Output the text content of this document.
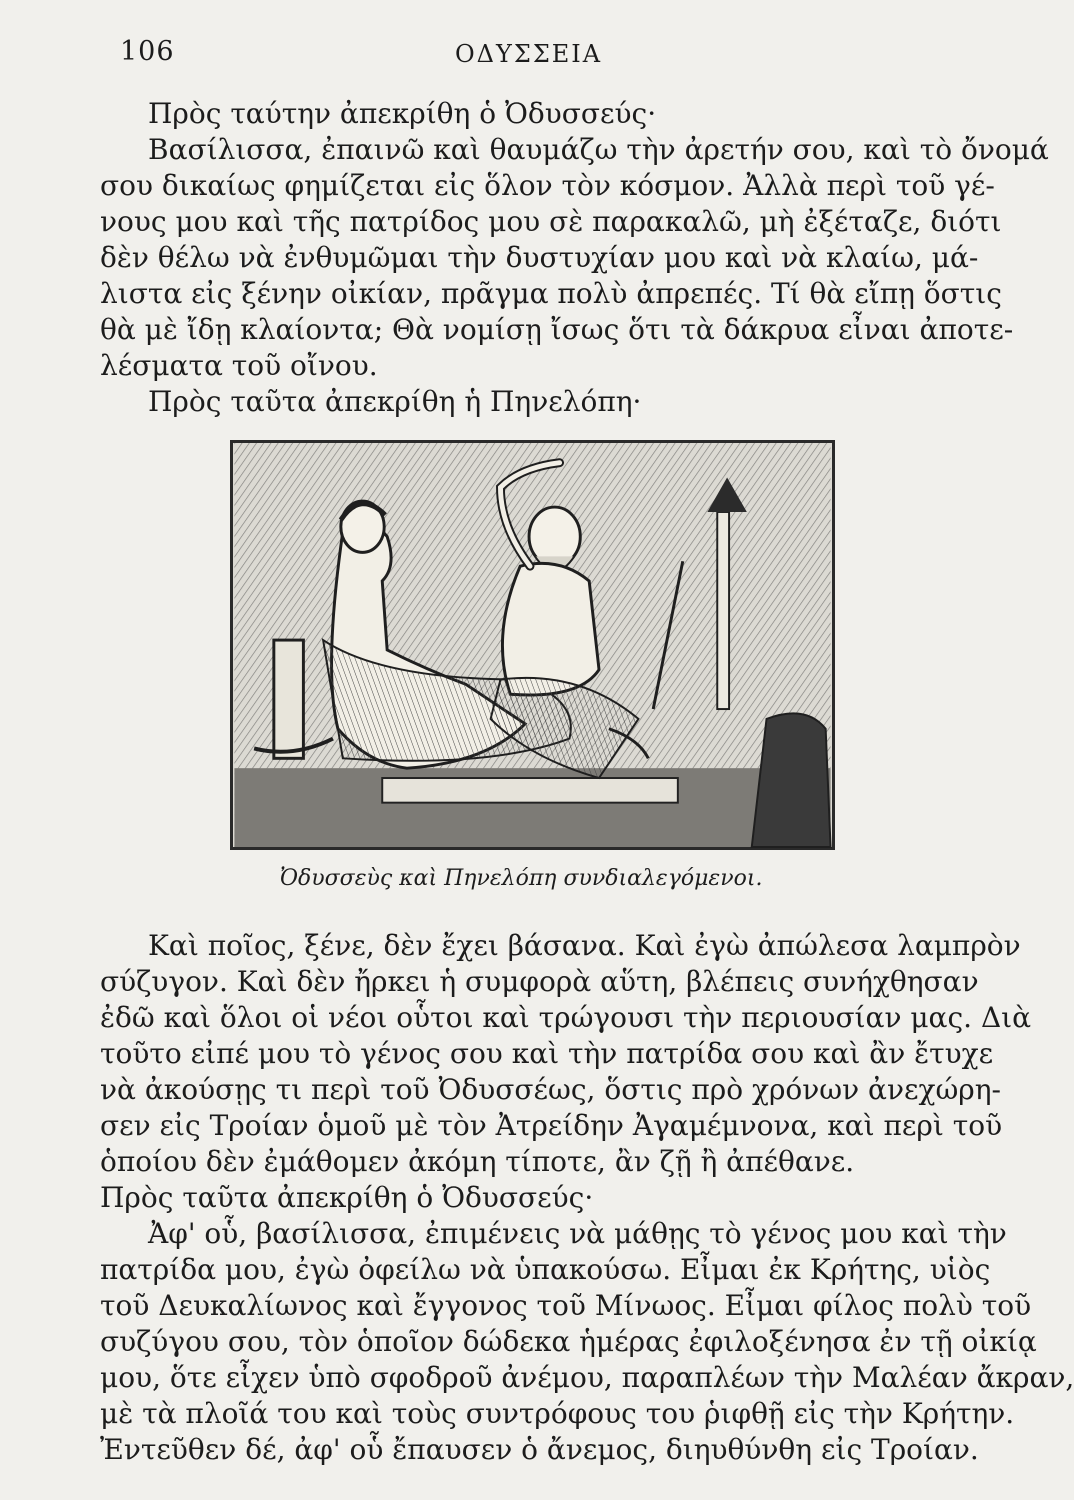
106	ΟΔΥΣΣΕΙΑ
Πρὸς ταύτην ἀπεκρίθη ὁ Ὀδυσσεύς·
Βασίλισσα, ἐπαινῶ καὶ θαυμάζω τὴν ἀρετήν σου, καὶ τὸ ὄνομά
σου δικαίως φημίζεται εἰς ὅλον τὸν κόσμον. Ἀλλὰ περὶ τοῦ γέ-
νους μου καὶ τῆς πατρίδος μου σὲ παρακαλῶ, μὴ ἐξέταζε, διότι
δὲν θέλω νὰ ἐνθυμῶμαι τὴν δυστυχίαν μου καὶ νὰ κλαίω, μά-
λιστα εἰς ξένην οἰκίαν, πρᾶγμα πολὺ ἀπρεπές. Τί θὰ εἴπῃ ὅστις
θὰ μὲ ἴδῃ κλαίοντα; Θὰ νομίσῃ ἴσως ὅτι τὰ δάκρυα εἶναι ἀποτε-
λέσματα τοῦ οἴνου.
Πρὸς ταῦτα ἀπεκρίθη ἡ Πηνελόπη·
Ὀδυσσεὺς καὶ Πηνελόπη συνδιαλεγόμενοι.
Καὶ ποῖος, ξένε, δὲν ἔχει βάσανα. Καὶ ἐγὼ ἀπώλεσα λαμπρὸν
σύζυγον. Καὶ δὲν ἤρκει ἡ συμφορὰ αὕτη, βλέπεις συνήχθησαν
ἐδῶ καὶ ὅλοι οἱ νέοι οὗτοι καὶ τρώγουσι τὴν περιουσίαν μας. Διὰ
τοῦτο εἰπέ μου τὸ γένος σου καὶ τὴν πατρίδα σου καὶ ἂν ἔτυχε
νὰ ἀκούσῃς τι περὶ τοῦ Ὀδυσσέως, ὅστις πρὸ χρόνων ἀνεχώρη-
σεν εἰς Τροίαν ὁμοῦ μὲ τὸν Ἀτρείδην Ἀγαμέμνονα, καὶ περὶ τοῦ
ὁποίου δὲν ἐμάθομεν ἀκόμη τίποτε, ἂν ζῇ ἢ ἀπέθανε.
Πρὸς ταῦτα ἀπεκρίθη ὁ Ὀδυσσεύς·
Ἀφ' οὗ, βασίλισσα, ἐπιμένεις νὰ μάθῃς τὸ γένος μου καὶ τὴν
πατρίδα μου, ἐγὼ ὀφείλω νὰ ὑπακούσω. Εἶμαι ἐκ Κρήτης, υἱὸς
τοῦ Δευκαλίωνος καὶ ἔγγονος τοῦ Μίνωος. Εἶμαι φίλος πολὺ τοῦ
συζύγου σου, τὸν ὁποῖον δώδεκα ἡμέρας ἐφιλοξένησα ἐν τῇ οἰκίᾳ
μου, ὅτε εἶχεν ὑπὸ σφοδροῦ ἀνέμου, παραπλέων τὴν Μαλέαν ἄκραν,
μὲ τὰ πλοῖά του καὶ τοὺς συντρόφους του ῥιφθῇ εἰς τὴν Κρήτην.
Ἐντεῦθεν δέ, ἀφ' οὗ ἔπαυσεν ὁ ἄνεμος, διηυθύνθη εἰς Τροίαν.
